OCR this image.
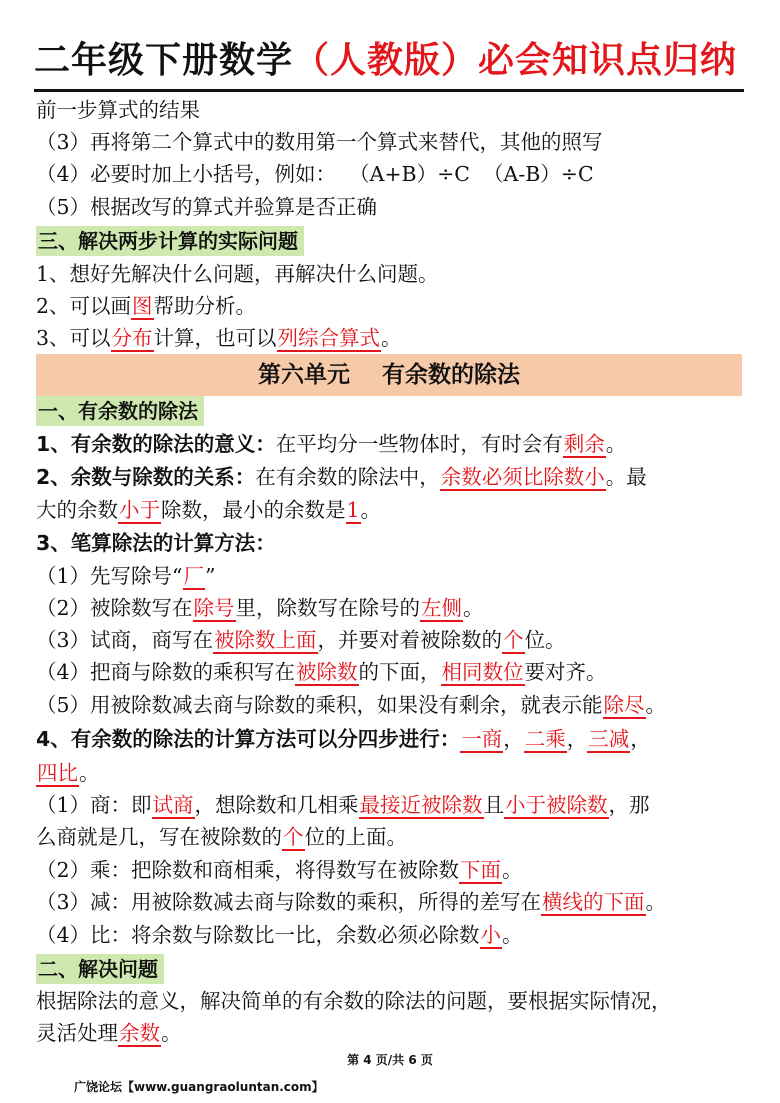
二年级下册数学（人教版）必会知识点归纳
前一步算式的结果
（3）再将第二个算式中的数用第一个算式来替代，其他的照写
（4）必要时加上小括号，例如：  （A+B）÷C  （A-B）÷C
（5）根据改写的算式并验算是否正确
三、解决两步计算的实际问题
1、想好先解决什么问题，再解决什么问题。
2、可以画图帮助分析。
3、可以分布计算，也可以列综合算式。
第六单元    有余数的除法
一、有余数的除法
1、有余数的除法的意义：在平均分一些物体时，有时会有剩余。
2、余数与除数的关系：在有余数的除法中，余数必须比除数小。最
大的余数小于除数，最小的余数是1。
3、笔算除法的计算方法：
（1）先写除号“厂”
（2）被除数写在除号里，除数写在除号的左侧。
（3）试商，商写在被除数上面，并要对着被除数的个位。
（4）把商与除数的乘积写在被除数的下面，相同数位要对齐。
（5）用被除数减去商与除数的乘积，如果没有剩余，就表示能除尽。
4、有余数的除法的计算方法可以分四步进行：一商，二乘，三减，
四比。
（1）商：即试商，想除数和几相乘最接近被除数且小于被除数，那
么商就是几，写在被除数的个位的上面。
（2）乘：把除数和商相乘，将得数写在被除数下面。
（3）减：用被除数减去商与除数的乘积，所得的差写在横线的下面。
（4）比：将余数与除数比一比，余数必须必除数小。
二、解决问题
根据除法的意义，解决简单的有余数的除法的问题，要根据实际情况，
灵活处理余数。
第 4 页/共 6 页
广饶论坛【www.guangraoluntan.com】
